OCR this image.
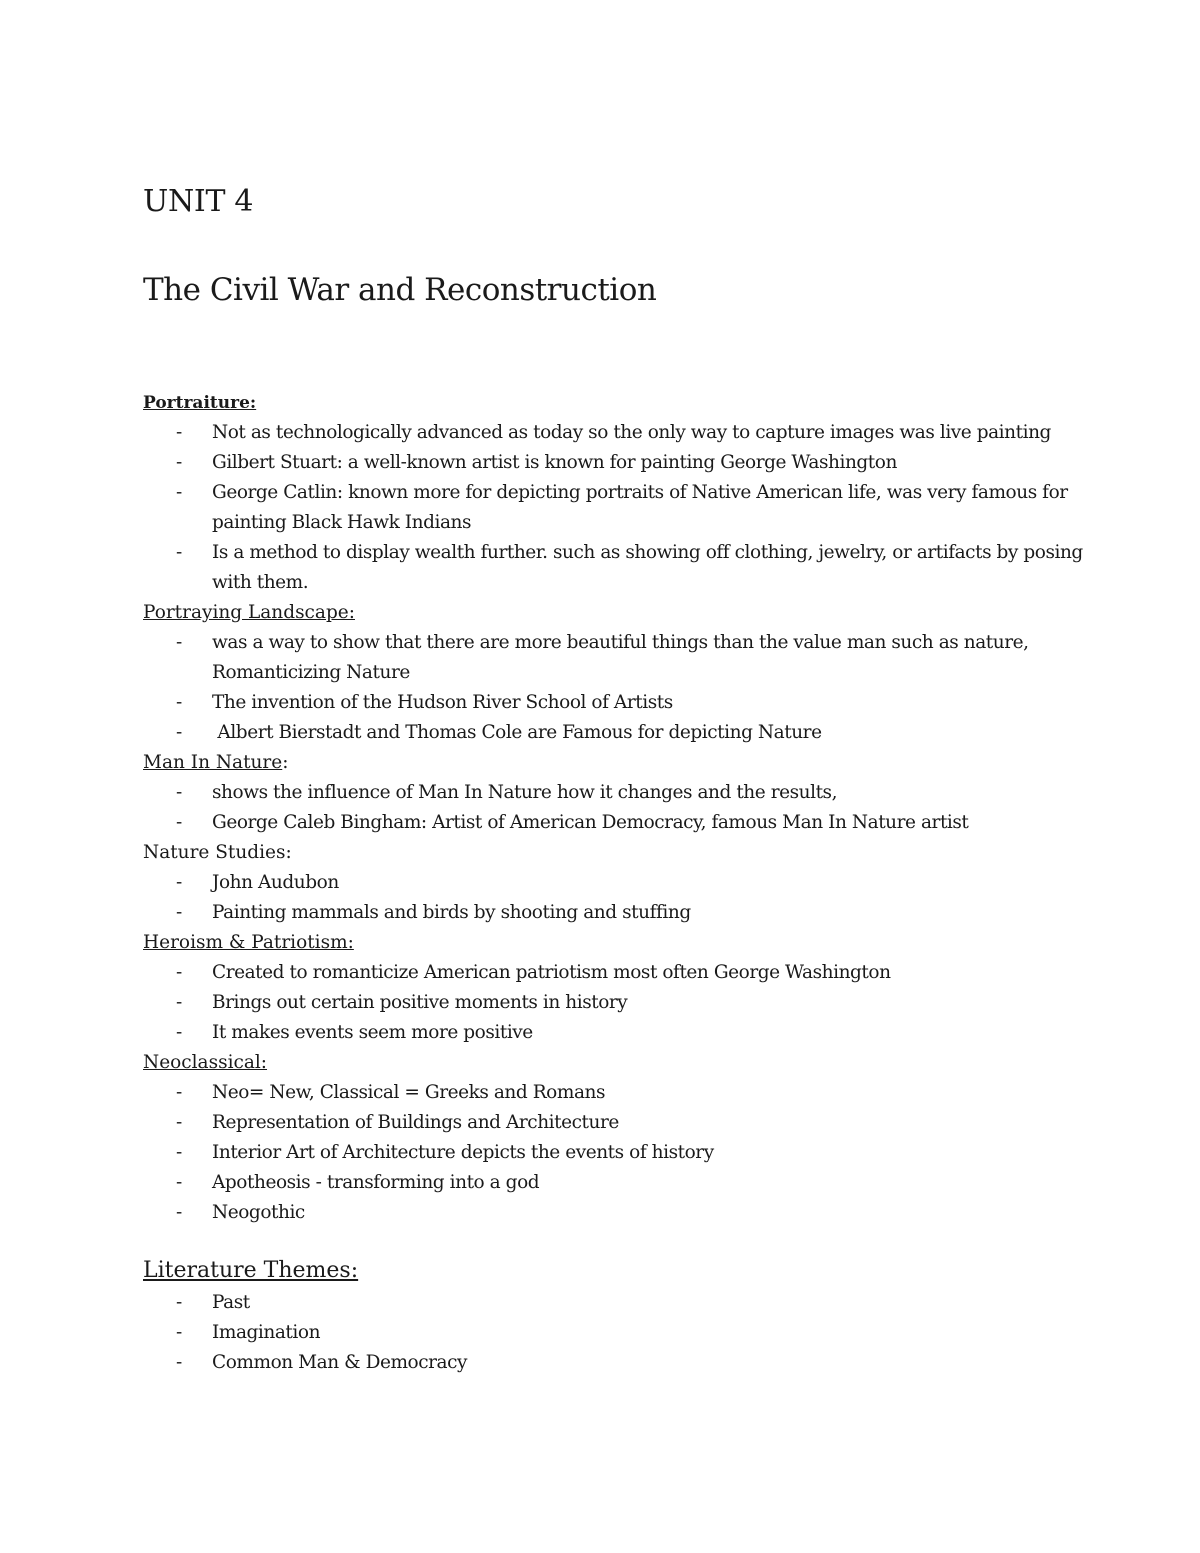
UNIT 4
The Civil War and Reconstruction
Portraiture:
- Not as technologically advanced as today so the only way to capture images was live painting
- Gilbert Stuart: a well-known artist is known for painting George Washington
- George Catlin: known more for depicting portraits of Native American life, was very famous for painting Black Hawk Indians
- Is a method to display wealth further. such as showing off clothing, jewelry, or artifacts by posing with them.
Portraying Landscape:
- was a way to show that there are more beautiful things than the value man such as nature, Romanticizing Nature
- The invention of the Hudson River School of Artists
- Albert Bierstadt and Thomas Cole are Famous for depicting Nature
Man In Nature:
- shows the influence of Man In Nature how it changes and the results,
- George Caleb Bingham: Artist of American Democracy, famous Man In Nature artist
Nature Studies:
- John Audubon
- Painting mammals and birds by shooting and stuffing
Heroism & Patriotism:
- Created to romanticize American patriotism most often George Washington
- Brings out certain positive moments in history
- It makes events seem more positive
Neoclassical:
- Neo= New, Classical = Greeks and Romans
- Representation of Buildings and Architecture
- Interior Art of Architecture depicts the events of history
- Apotheosis - transforming into a god
- Neogothic
Literature Themes:
- Past
- Imagination
- Common Man & Democracy
